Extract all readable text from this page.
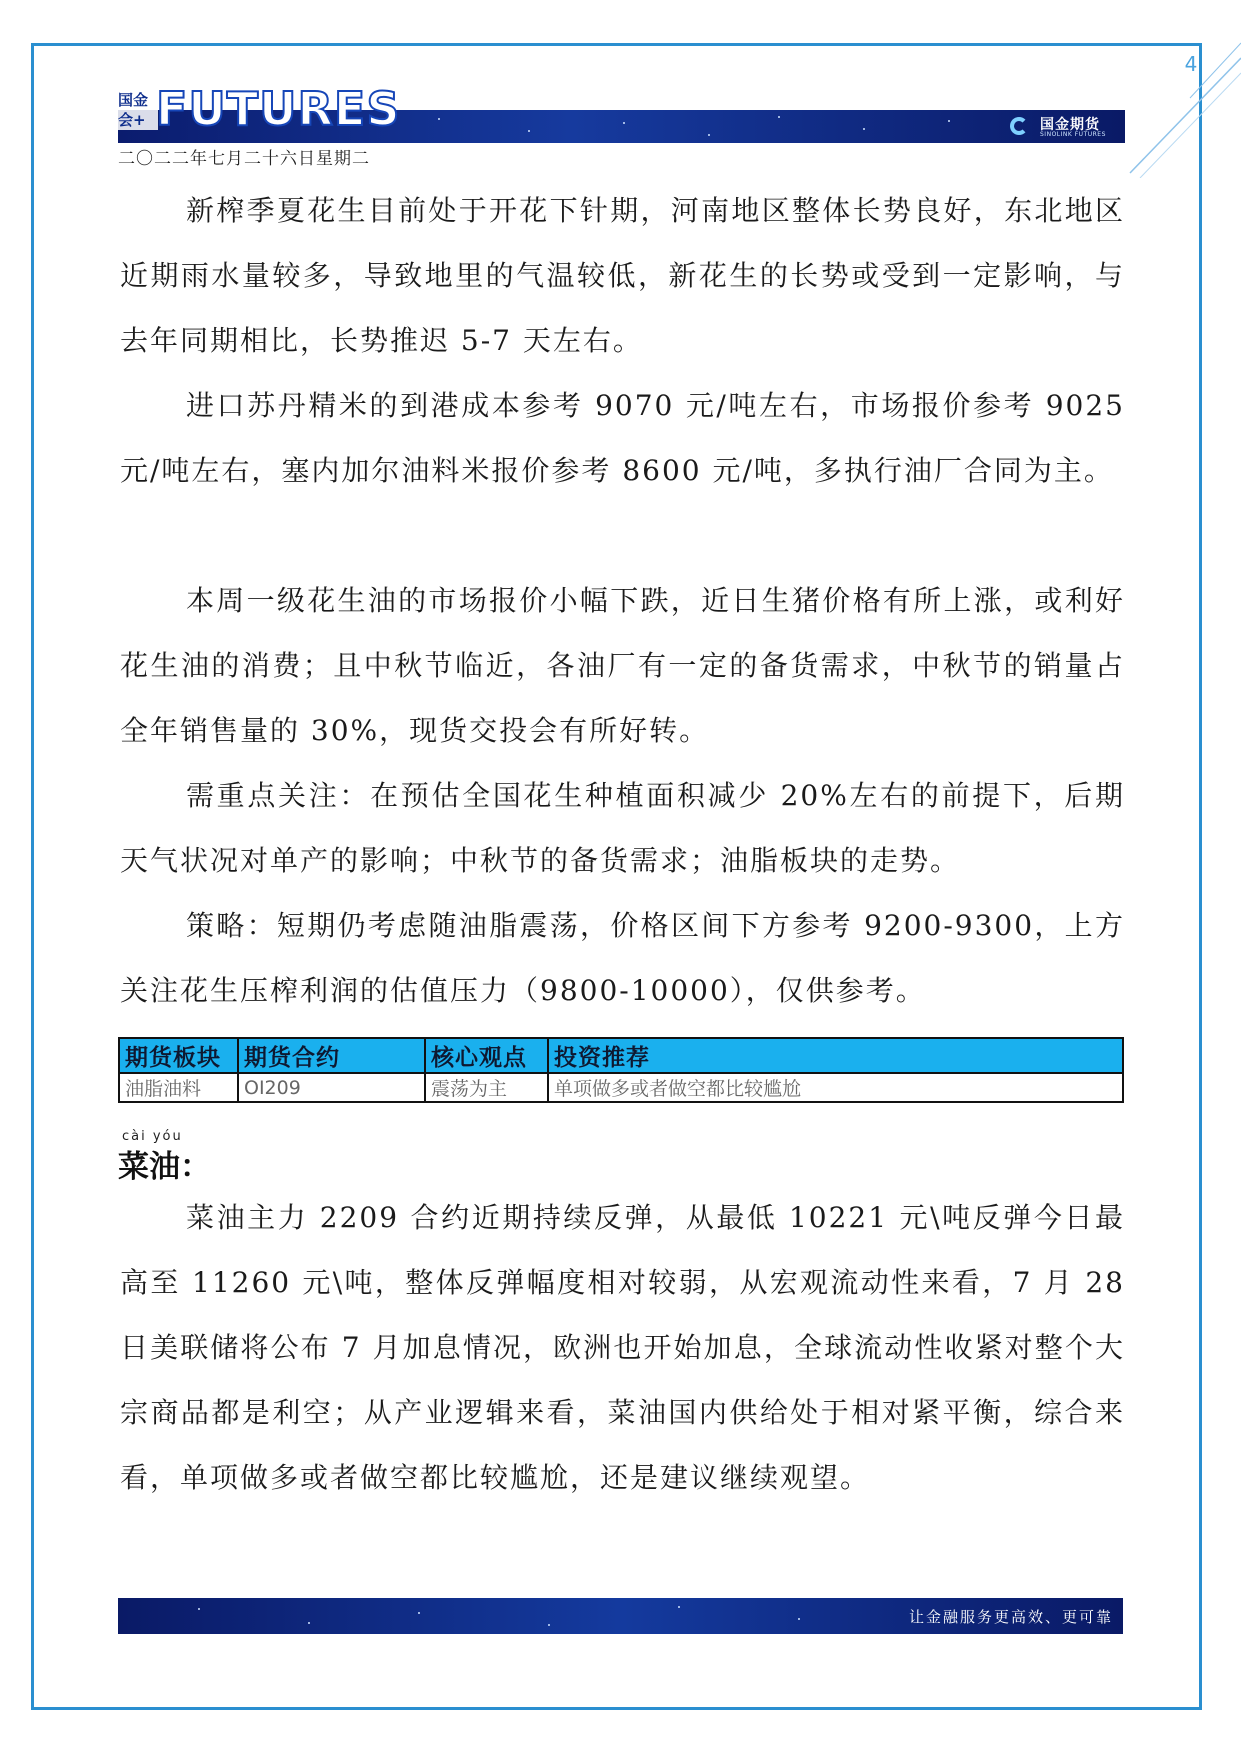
4
国金会+ FUTURES	国金期货
SINOLINK FUTURES
二〇二二年七月二十六日星期二

新榨季夏花生目前处于开花下针期，河南地区整体长势良好，东北地区近期雨水量较多，导致地里的气温较低，新花生的长势或受到一定影响，与去年同期相比，长势推迟 5-7 天左右。

进口苏丹精米的到港成本参考 9070 元/吨左右，市场报价参考 9025 元/吨左右，塞内加尔油料米报价参考 8600 元/吨，多执行油厂合同为主。

本周一级花生油的市场报价小幅下跌，近日生猪价格有所上涨，或利好花生油的消费；且中秋节临近，各油厂有一定的备货需求，中秋节的销量占全年销售量的 30%，现货交投会有所好转。

需重点关注：在预估全国花生种植面积减少 20%左右的前提下，后期天气状况对单产的影响；中秋节的备货需求；油脂板块的走势。

策略：短期仍考虑随油脂震荡，价格区间下方参考 9200-9300，上方关注花生压榨利润的估值压力（9800-10000），仅供参考。

期货板块	期货合约	核心观点	投资推荐
油脂油料	OI209	震荡为主	单项做多或者做空都比较尴尬
cài yóu
菜油：

菜油主力 2209 合约近期持续反弹，从最低 10221 元\吨反弹今日最高至 11260 元\吨，整体反弹幅度相对较弱，从宏观流动性来看，7 月 28 日美联储将公布 7 月加息情况，欧洲也开始加息，全球流动性收紧对整个大宗商品都是利空；从产业逻辑来看，菜油国内供给处于相对紧平衡，综合来看，单项做多或者做空都比较尴尬，还是建议继续观望。

让金融服务更高效、更可靠
